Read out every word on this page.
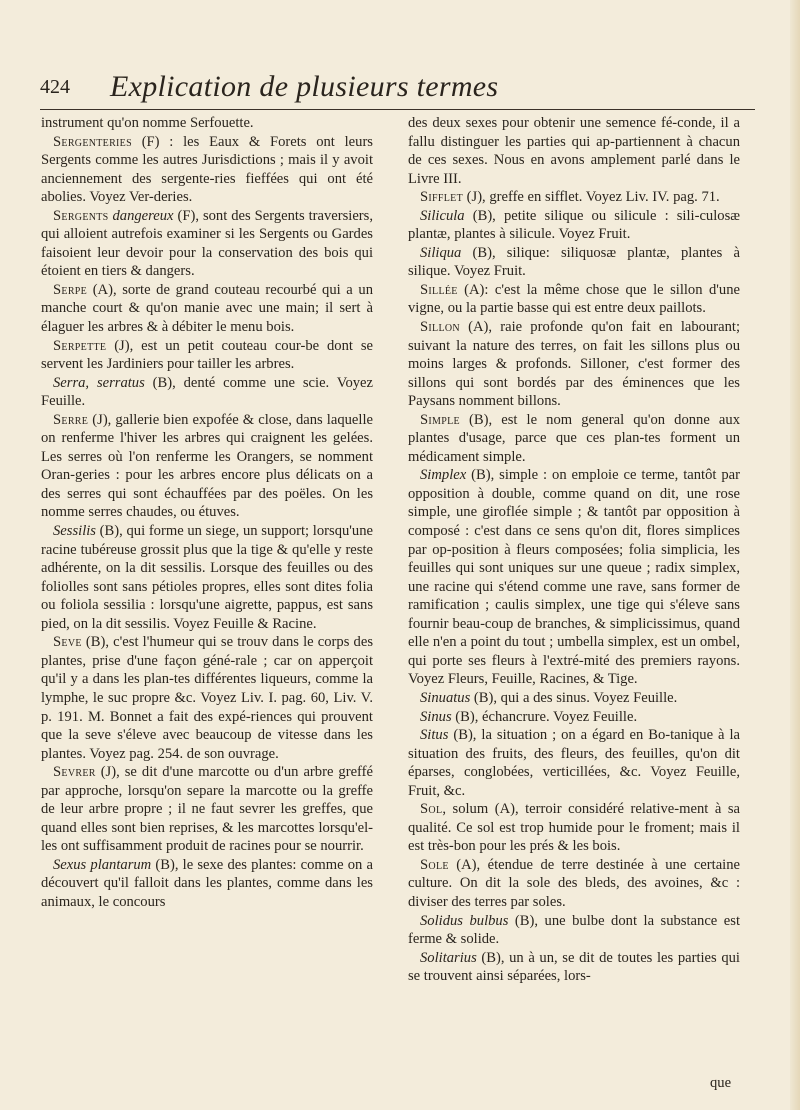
424 Explication de plusieurs termes

instrument qu'on nomme Serfouette.

Sergenteries (F) : les Eaux & Forets ont leurs Sergents comme les autres Jurisdictions ; mais il y avoit anciennement des sergente-ries fieffées qui ont été abolies. Voyez Ver-deries.

Sergents dangereux (F), sont des Sergents traversiers, qui alloient autrefois examiner si les Sergents ou Gardes faisoient leur devoir pour la conservation des bois qui étoient en tiers & dangers.

Serpe (A), sorte de grand couteau recourbé qui a un manche court & qu'on manie avec une main; il sert à élaguer les arbres & à débiter le menu bois.

Serpette (J), est un petit couteau cour-be dont se servent les Jardiniers pour tailler les arbres.

Serra, serratus (B), denté comme une scie. Voyez Feuille.

Serre (J), gallerie bien expofée & close, dans laquelle on renferme l'hiver les arbres qui craignent les gelées. Les serres où l'on renferme les Orangers, se nomment Oran-geries : pour les arbres encore plus délicats on a des serres qui sont échauffées par des poëles. On les nomme serres chaudes, ou étuves.

Sessilis (B), qui forme un siege, un support; lorsqu'une racine tubéreuse grossit plus que la tige & qu'elle y reste adhérente, on la dit sessilis. Lorsque des feuilles ou des foliolles sont sans pétioles propres, elles sont dites folia ou foliola sessilia : lorsqu'une aigrette, pappus, est sans pied, on la dit sessilis. Voyez Feuille & Racine.

Seve (B), c'est l'humeur qui se trouv dans le corps des plantes, prise d'une façon géné-rale ; car on apperçoit qu'il y a dans les plan-tes différentes liqueurs, comme la lymphe, le suc propre &c. Voyez Liv. I. pag. 60, Liv. V. p. 191. M. Bonnet a fait des expé-riences qui prouvent que la seve s'éleve avec beaucoup de vitesse dans les plantes. Voyez pag. 254. de son ouvrage.

Sevrer (J), se dit d'une marcotte ou d'un arbre greffé par approche, lorsqu'on separe la marcotte ou la greffe de leur arbre propre ; il ne faut sevrer les greffes, que quand elles sont bien reprises, & les marcottes lorsqu'el-les ont suffisamment produit de racines pour se nourrir.

Sexus plantarum (B), le sexe des plantes: comme on a découvert qu'il falloit dans les plantes, comme dans les animaux, le concours

des deux sexes pour obtenir une semence fé-conde, il a fallu distinguer les parties qui ap-partiennent à chacun de ces sexes. Nous en avons amplement parlé dans le Livre III.

Sifflet (J), greffe en sifflet. Voyez Liv. IV. pag. 71.

Silicula (B), petite silique ou silicule : sili-culosæ plantæ, plantes à silicule. Voyez Fruit.

Siliqua (B), silique: siliquosæ plantæ, plantes à silique. Voyez Fruit.

Sillée (A): c'est la même chose que le sillon d'une vigne, ou la partie basse qui est entre deux paillots.

Sillon (A), raie profonde qu'on fait en labourant; suivant la nature des terres, on fait les sillons plus ou moins larges & profonds. Silloner, c'est former des sillons qui sont bordés par des éminences que les Paysans nomment billons.

Simple (B), est le nom general qu'on donne aux plantes d'usage, parce que ces plan-tes forment un médicament simple.

Simplex (B), simple : on emploie ce terme, tantôt par opposition à double, comme quand on dit, une rose simple, une giroflée simple ; & tantôt par opposition à composé : c'est dans ce sens qu'on dit, flores simplices par op-position à fleurs composées; folia simplicia, les feuilles qui sont uniques sur une queue ; radix simplex, une racine qui s'étend comme une rave, sans former de ramification ; caulis simplex, une tige qui s'éleve sans fournir beau-coup de branches, & simplicissimus, quand elle n'en a point du tout ; umbella simplex, est un ombel, qui porte ses fleurs à l'extré-mité des premiers rayons. Voyez Fleurs, Feuille, Racines, & Tige.

Sinuatus (B), qui a des sinus. Voyez Feuille.

Sinus (B), échancrure. Voyez Feuille.

Situs (B), la situation ; on a égard en Bo-tanique à la situation des fruits, des fleurs, des feuilles, qu'on dit éparses, conglobées, verticillées, &c. Voyez Feuille, Fruit, &c.

Sol, solum (A), terroir considéré relative-ment à sa qualité. Ce sol est trop humide pour le froment; mais il est très-bon pour les prés & les bois.

Sole (A), étendue de terre destinée à une certaine culture. On dit la sole des bleds, des avoines, &c : diviser des terres par soles.

Solidus bulbus (B), une bulbe dont la substance est ferme & solide.

Solitarius (B), un à un, se dit de toutes les parties qui se trouvent ainsi séparées, lors-

que
